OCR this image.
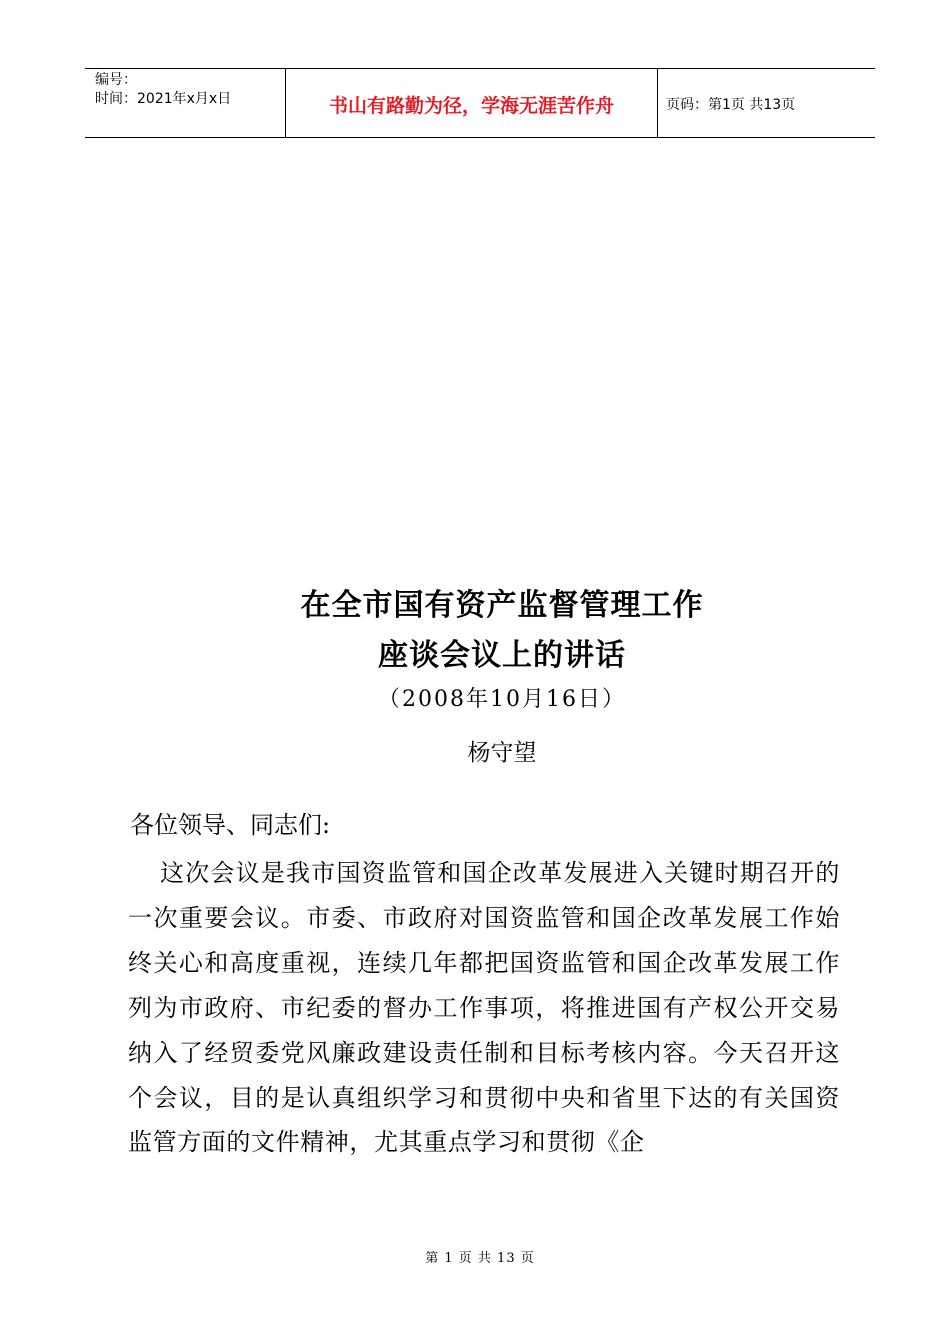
编号：
时间：2021年x月x日	书山有路勤为径，学海无涯苦作舟	页码：第1页 共13页
在全市国有资产监督管理工作
座谈会议上的讲话
（2008年10月16日）
杨守望
各位领导、同志们:

这次会议是我市国资监管和国企改革发展进入关键时期召开的一次重要会议。市委、市政府对国资监管和国企改革发展工作始终关心和高度重视，连续几年都把国资监管和国企改革发展工作列为市政府、市纪委的督办工作事项，将推进国有产权公开交易纳入了经贸委党风廉政建设责任制和目标考核内容。今天召开这个会议，目的是认真组织学习和贯彻中央和省里下达的有关国资监管方面的文件精神，尤其重点学习和贯彻《企

第 1 页 共 13 页
